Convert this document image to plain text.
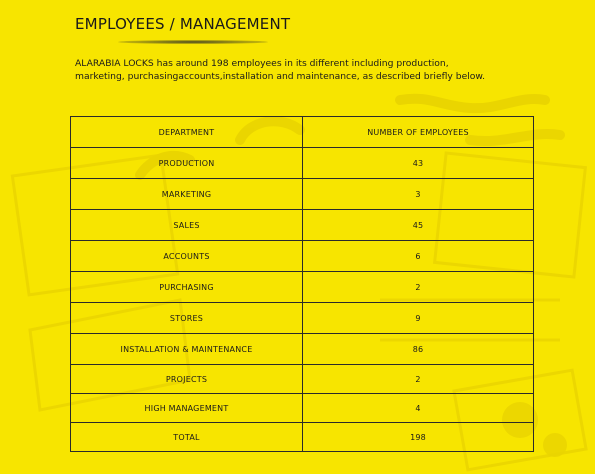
EMPLOYEES / MANAGEMENT
ALARABIA LOCKS has around 198 employees in its different including production, marketing, purchasingaccounts,installation and maintenance, as described briefly below.
DEPARTMENT	NUMBER OF EMPLOYEES
PRODUCTION	43
MARKETING	3
SALES	45
ACCOUNTS	6
PURCHASING	2
STORES	9
INSTALLATION & MAINTENANCE	86
PROJECTS	2
HIGH MANAGEMENT	4
TOTAL	198
